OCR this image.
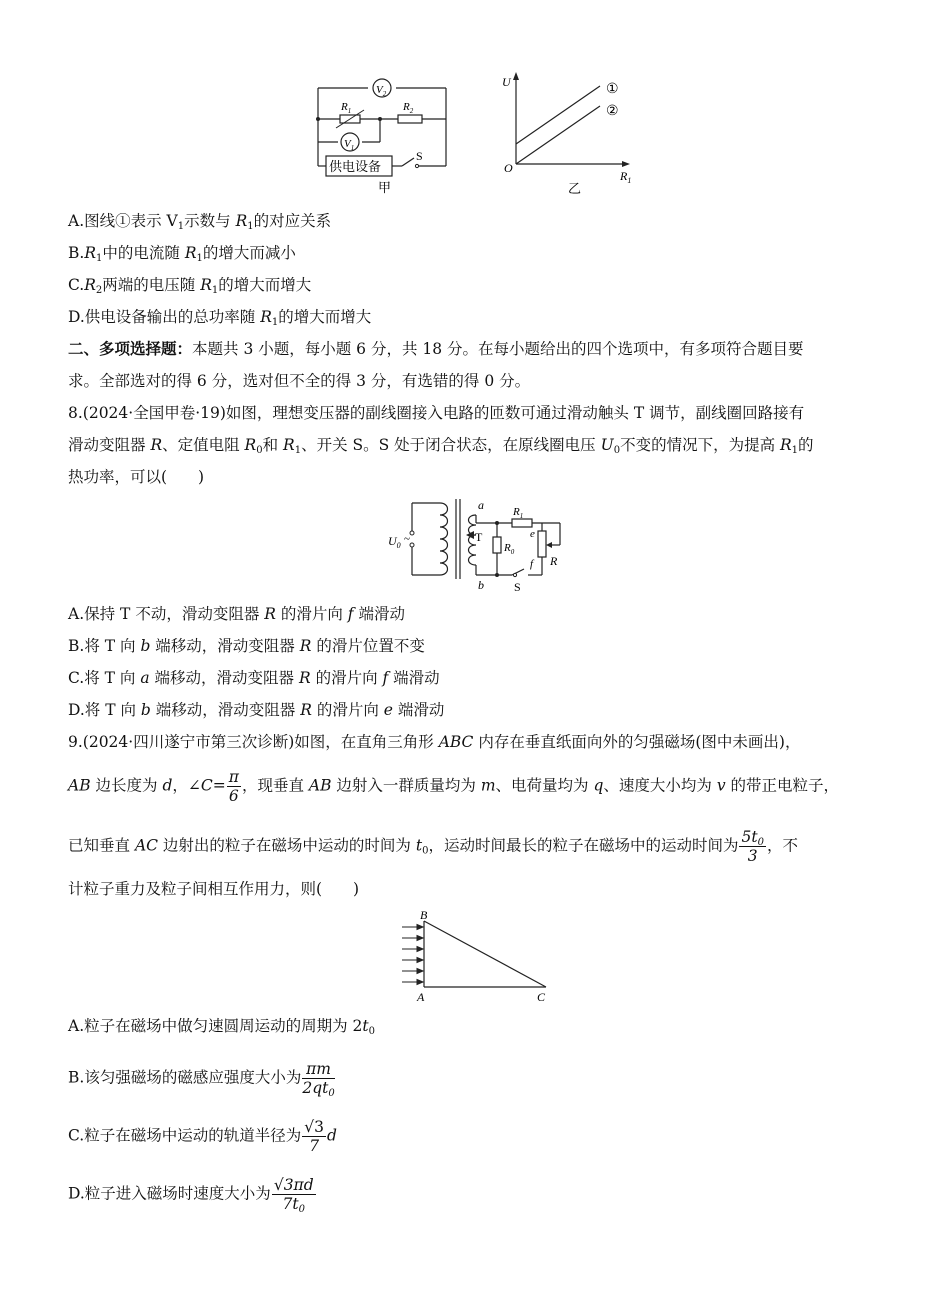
$V_2$
$R_1$	$R_2$
$V_1$
供电设备
S
甲
U
$R_1$
O
①
②
乙
A.图线①表示 $V_1$示数与 $R_1$的对应关系
$B.R_1$中的电流随 $R_1$的增大而减小
$C.R_2$两端的电压随 $R_1$的增大而增大
D.供电设备输出的总功率随 $R_1$的增大而增大
二、多项选择题：本题共 3 小题，每小题 6 分，共 18 分。在每小题给出的四个选项中，有多项符合题目要
求。全部选对的得 6 分，选对但不全的得 3 分，有选错的得 0 分。
8.(2024·全国甲卷·19)如图，理想变压器的副线圈接入电路的匝数可通过滑动触头 T 调节，副线圈回路接有
滑动变阻器 R、定值电阻 $R_0$和 $R_1$、开关 S。S 处于闭合状态，在原线圈电压 $U_0$不变的情况下，为提高 $R_1$的
热功率，可以(　　)
$U_0$
~
a
T
$R_1$
$R_0$
e
f R
b	S
A.保持 T 不动，滑动变阻器 R 的滑片向 f 端滑动
B.将 T 向 b 端移动，滑动变阻器 R 的滑片位置不变
C.将 T 向 a 端移动，滑动变阻器 R 的滑片向 f 端滑动
D.将 T 向 b 端移动，滑动变阻器 R 的滑片向 e 端滑动
9.(2024·四川遂宁市第三次诊断)如图，在直角三角形 ABC 内存在垂直纸面向外的匀强磁场(图中未画出)，
AB 边长度为 d，∠C= $\frac{\pi}{6}$ ，现垂直 AB 边射入一群质量均为 m、电荷量均为 q、速度大小均为 v 的带正电粒子，
已知垂直 AC 边射出的粒子在磁场中运动的时间为 $t_0$，运动时间最长的粒子在磁场中的运动时间为 $\frac{5t_0}{3}$ ，不
计粒子重力及粒子间相互作用力，则(　　)
B
A	C
A.粒子在磁场中做匀速圆周运动的周期为 $2t_0$
B.该匀强磁场的磁感应强度大小为 $\frac{\pi m}{2qt_0}$
C.粒子在磁场中运动的轨道半径为 $\frac{√3}{7}$ d
D.粒子进入磁场时速度大小为 $\frac{√3\pi d}{7t_0}$
